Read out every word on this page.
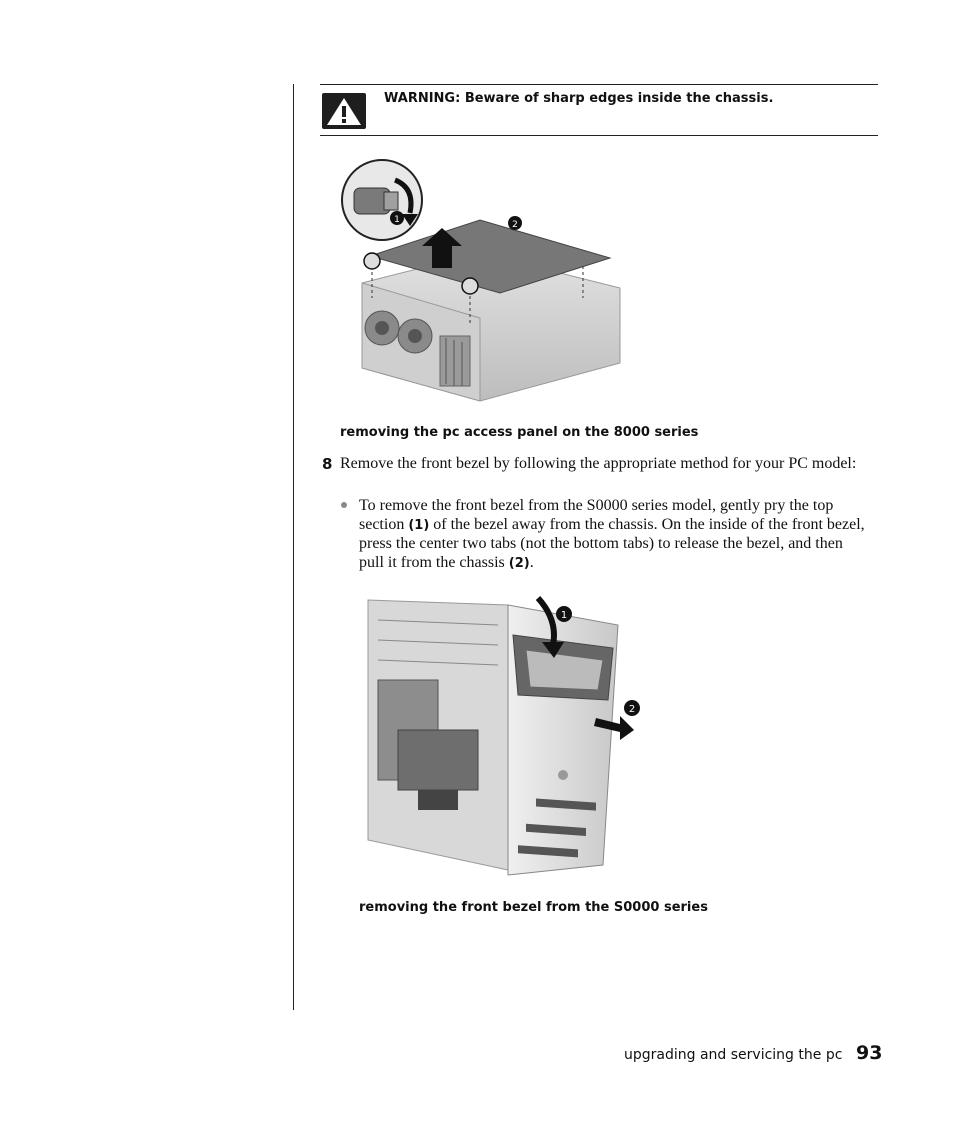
WARNING: Beware of sharp edges inside the chassis.
1	2
removing the pc access panel on the 8000 series
8 Remove the front bezel by following the appropriate method for your PC model:

To remove the front bezel from the S0000 series model, gently pry the top section (1) of the bezel away from the chassis. On the inside of the front bezel, press the center two tabs (not the bottom tabs) to release the bezel, and then pull it from the chassis (2).

1
2
removing the front bezel from the S0000 series
upgrading and servicing the pc 93
